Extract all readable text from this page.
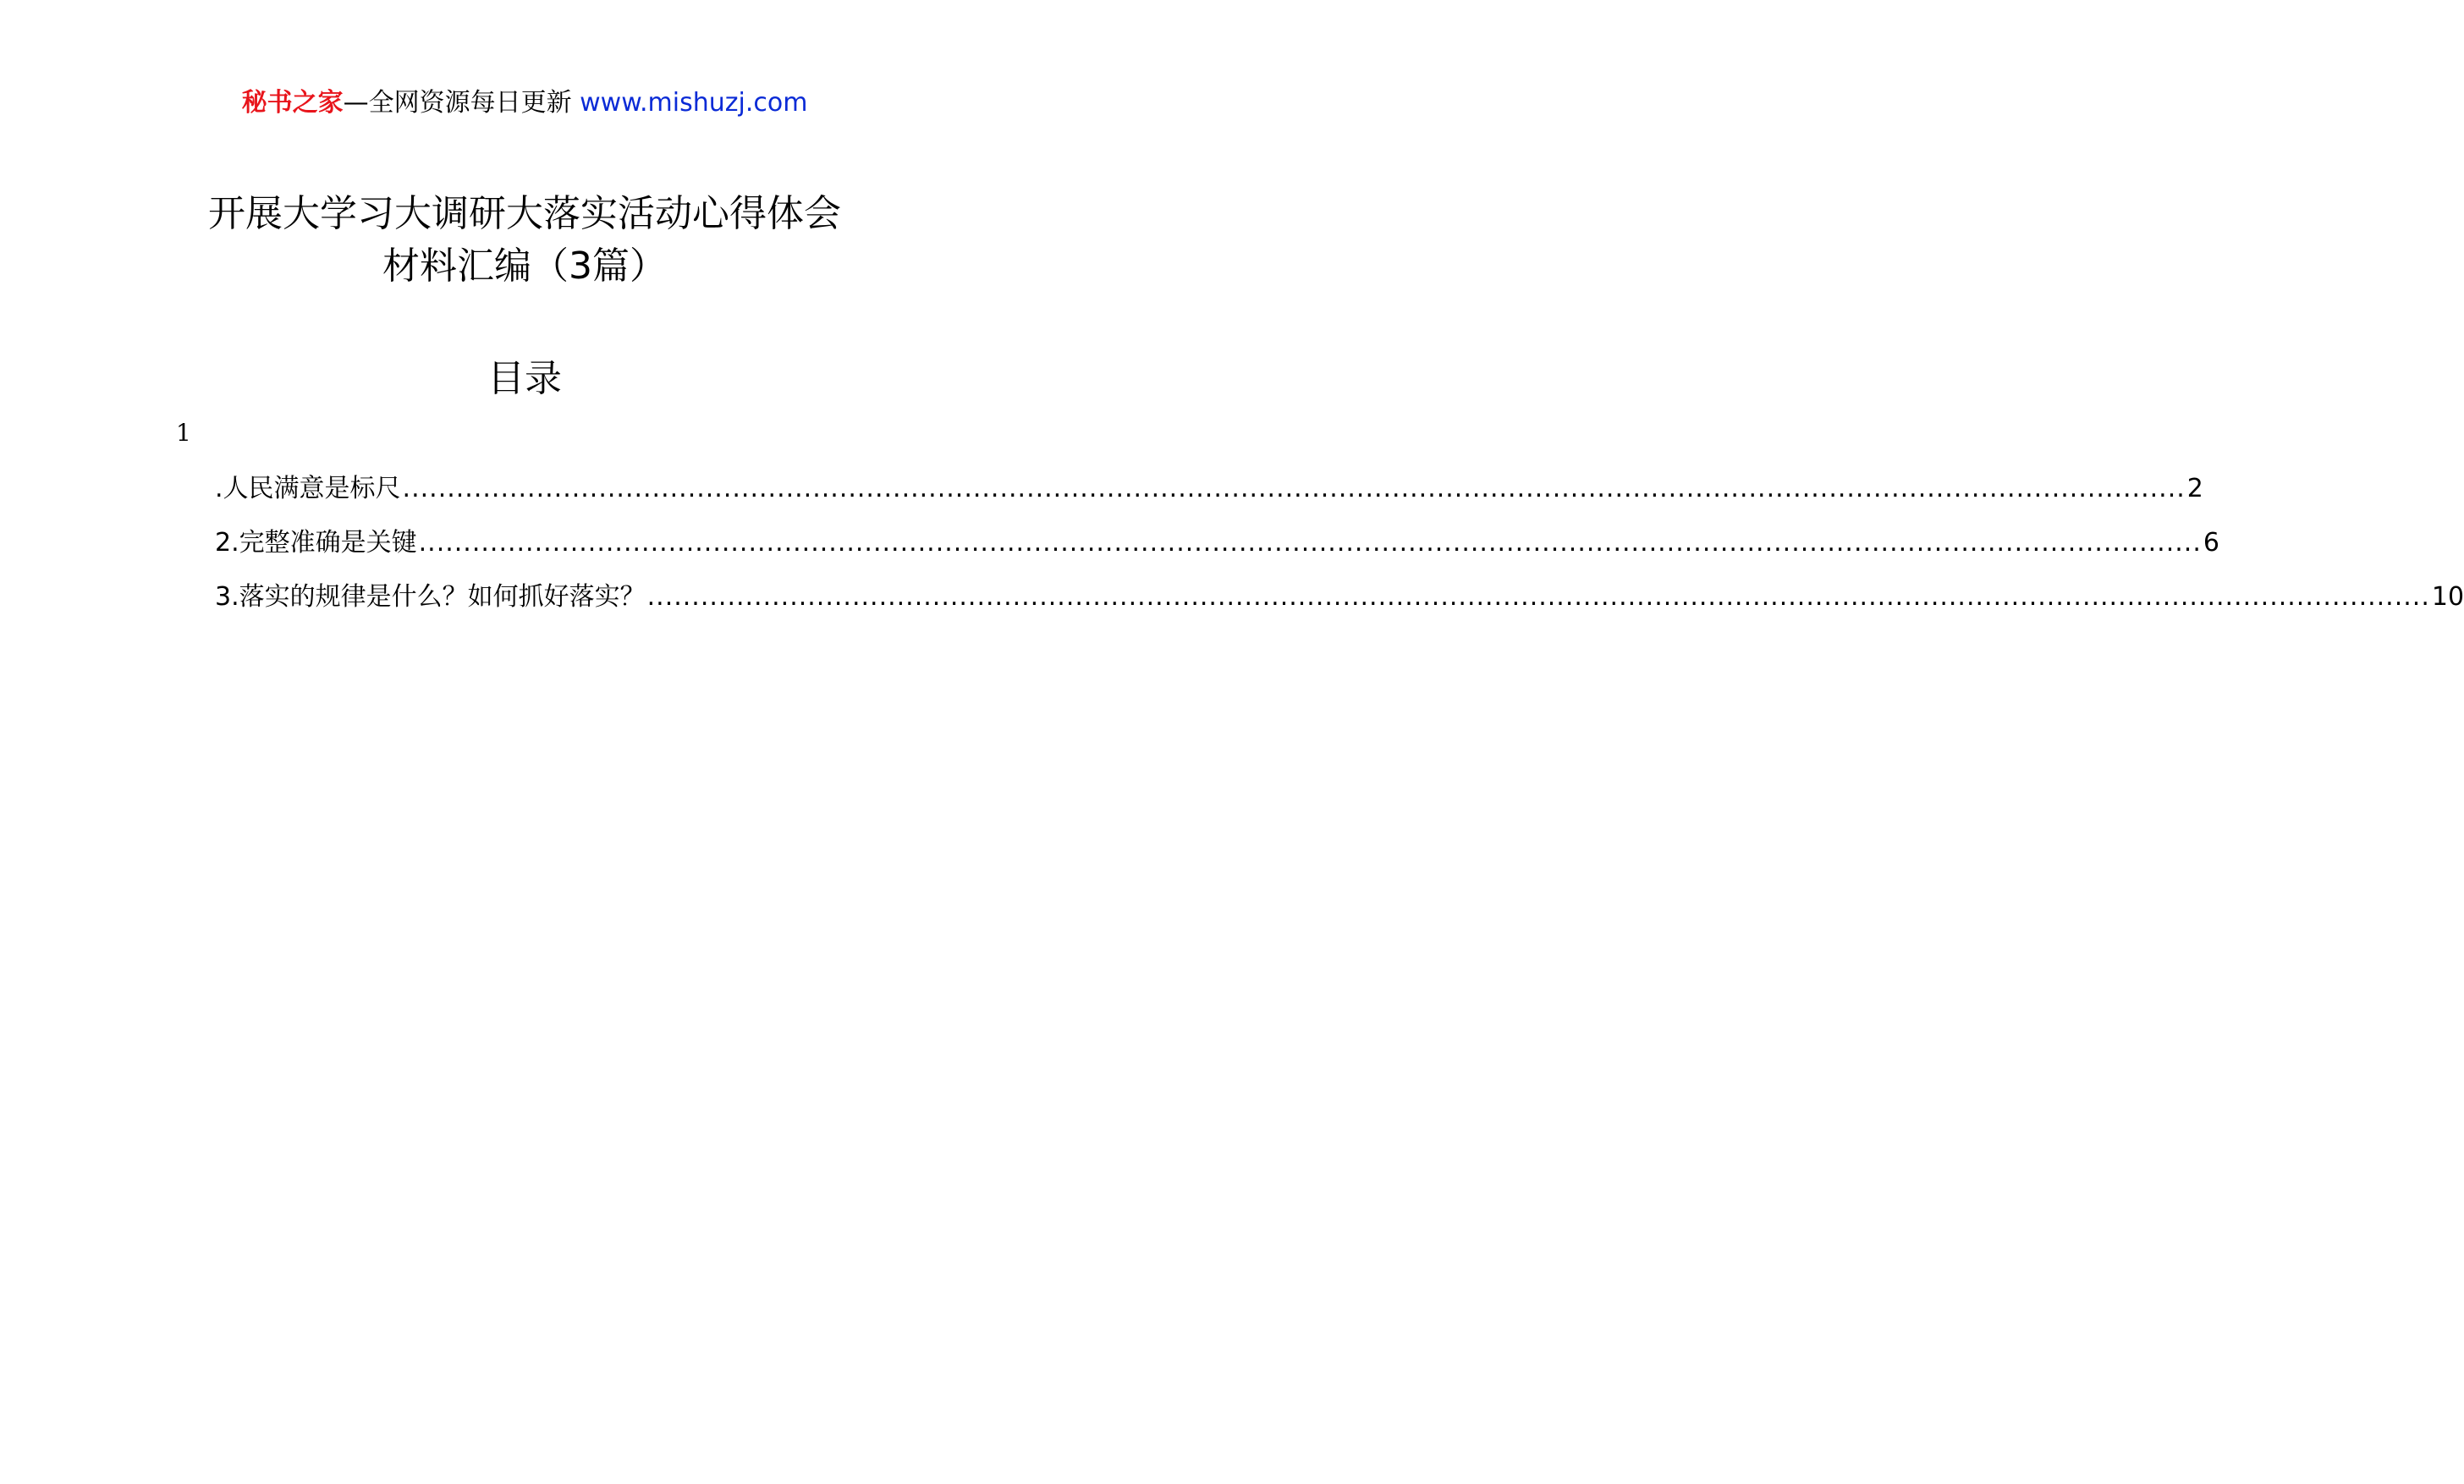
秘书之家—全网资源每日更新 www.mishuzj.com
开展大学习大调研大落实活动心得体会
材料汇编（3篇）
目录
1
.人民满意是标尺 ........................................................................................................................................................................................................ 2
2.完整准确是关键 ........................................................................................................................................................................................................ 6
3.落实的规律是什么？如何抓好落实？ ........................................................................................................................................................................................................ 10
